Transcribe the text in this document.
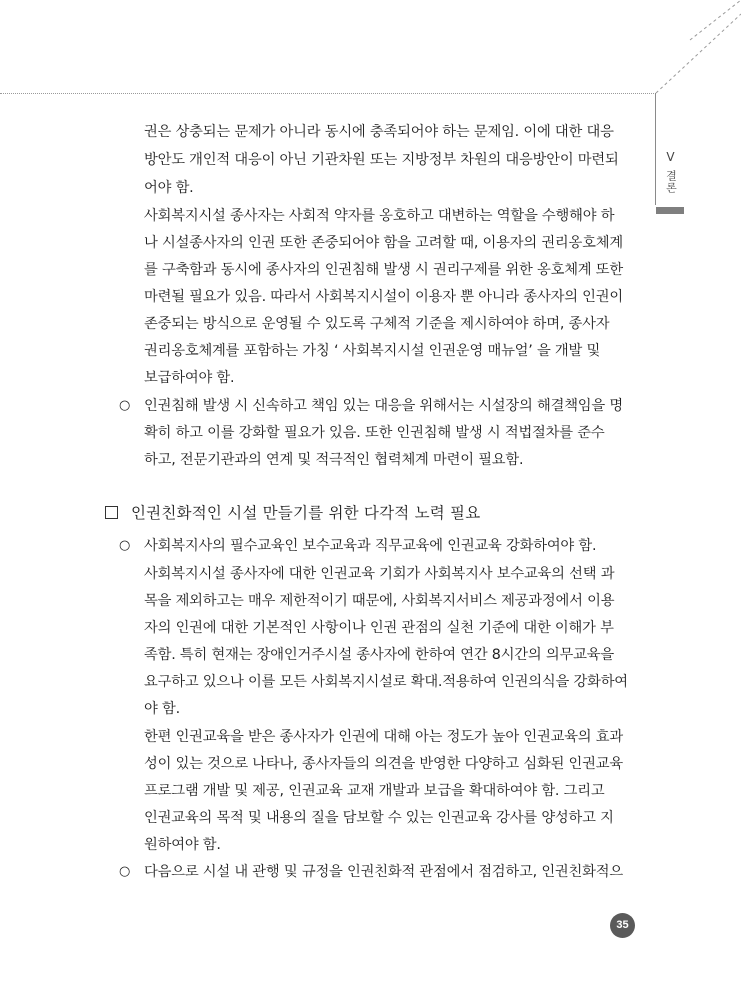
V
결론
권은 상충되는 문제가 아니라 동시에 충족되어야 하는 문제임. 이에 대한 대응
방안도 개인적 대응이 아닌 기관차원 또는 지방정부 차원의 대응방안이 마련되
어야 함.
사회복지시설 종사자는 사회적 약자를 옹호하고 대변하는 역할을 수행해야 하
나 시설종사자의 인권 또한 존중되어야 함을 고려할 때, 이용자의 권리옹호체계
를 구축함과 동시에 종사자의 인권침해 발생 시 권리구제를 위한 옹호체계 또한
마련될 필요가 있음. 따라서 사회복지시설이 이용자 뿐 아니라 종사자의 인권이
존중되는 방식으로 운영될 수 있도록 구체적 기준을 제시하여야 하며, 종사자
권리옹호체계를 포함하는 가칭 ‘ 사회복지시설 인권운영 매뉴얼’ 을 개발 및
보급하여야 함.
○ 인권침해 발생 시 신속하고 책임 있는 대응을 위해서는 시설장의 해결책임을 명
확히 하고 이를 강화할 필요가 있음. 또한 인권침해 발생 시 적법절차를 준수
하고, 전문기관과의 연계 및 적극적인 협력체계 마련이 필요함.
인권친화적인 시설 만들기를 위한 다각적 노력 필요
○ 사회복지사의 필수교육인 보수교육과 직무교육에 인권교육 강화하여야 함.
사회복지시설 종사자에 대한 인권교육 기회가 사회복지사 보수교육의 선택 과
목을 제외하고는 매우 제한적이기 때문에, 사회복지서비스 제공과정에서 이용
자의 인권에 대한 기본적인 사항이나 인권 관점의 실천 기준에 대한 이해가 부
족함. 특히 현재는 장애인거주시설 종사자에 한하여 연간 8시간의 의무교육을
요구하고 있으나 이를 모든 사회복지시설로 확대.적용하여 인권의식을 강화하여
야 함.
한편 인권교육을 받은 종사자가 인권에 대해 아는 정도가 높아 인권교육의 효과
성이 있는 것으로 나타나, 종사자들의 의견을 반영한 다양하고 심화된 인권교육
프로그램 개발 및 제공, 인권교육 교재 개발과 보급을 확대하여야 함. 그리고
인권교육의 목적 및 내용의 질을 담보할 수 있는 인권교육 강사를 양성하고 지
원하여야 함.
○ 다음으로 시설 내 관행 및 규정을 인권친화적 관점에서 점검하고, 인권친화적으
35
